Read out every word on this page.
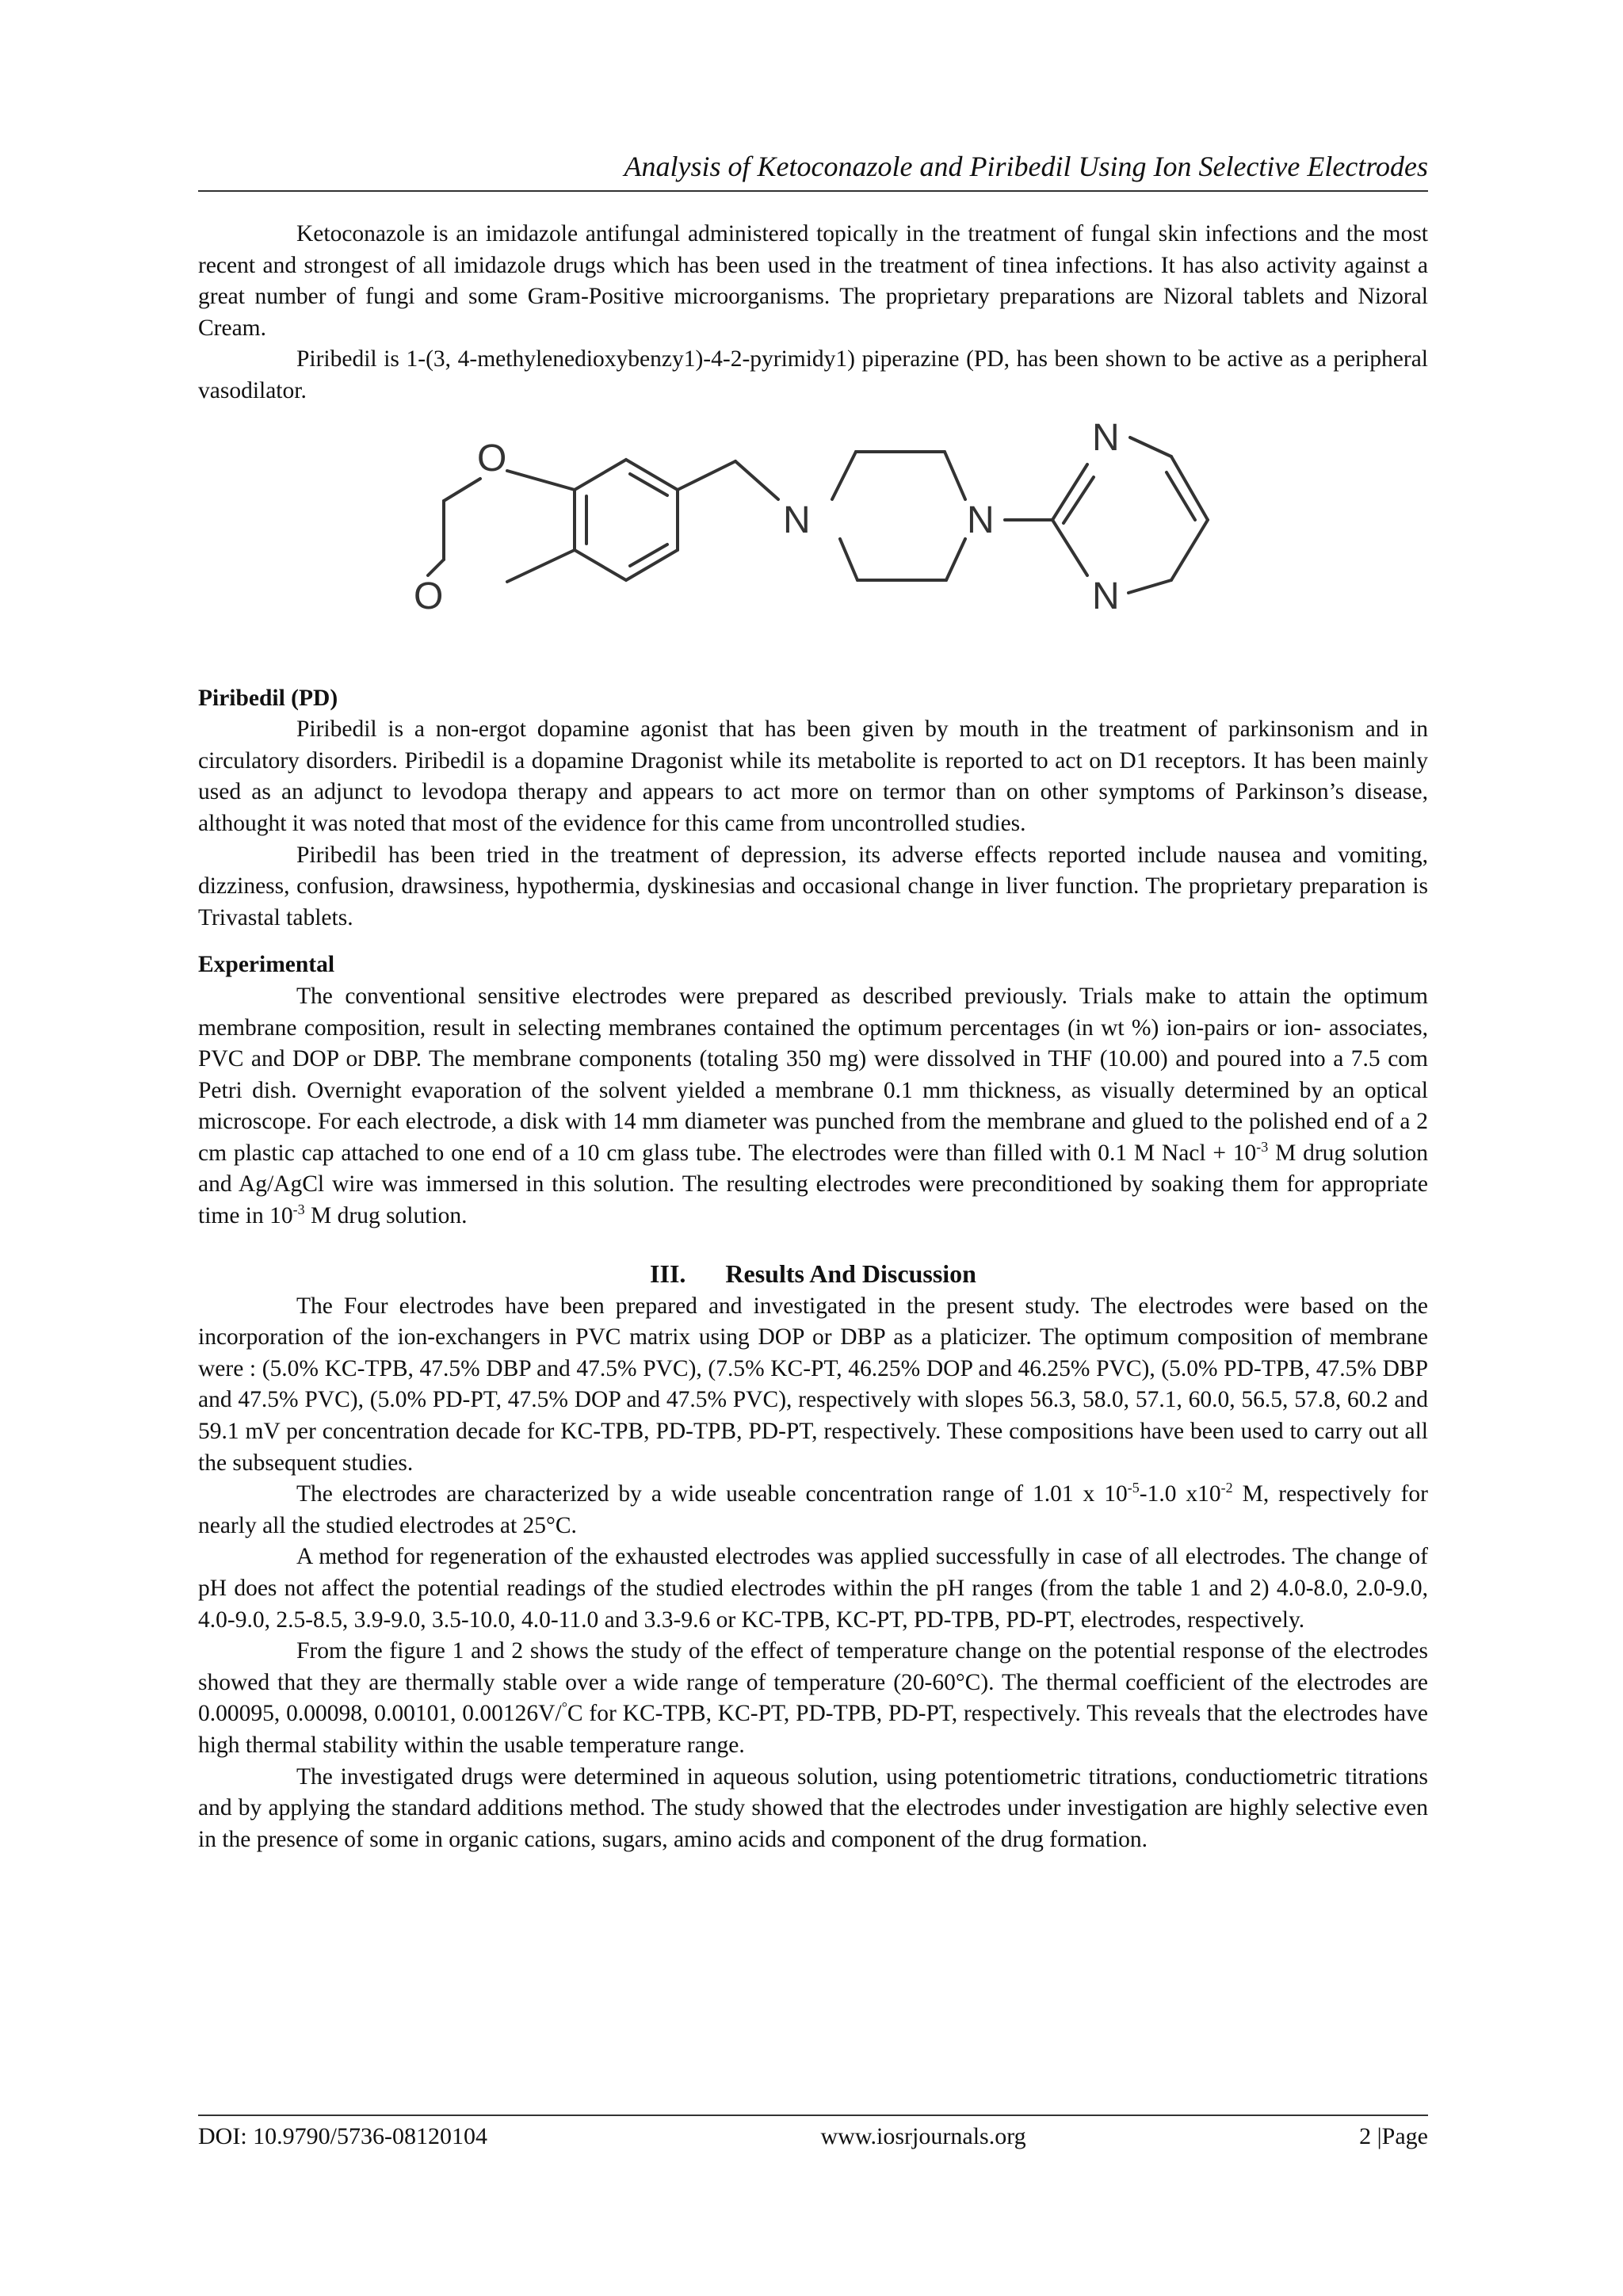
Analysis of Ketoconazole and Piribedil Using Ion Selective Electrodes

Ketoconazole is an imidazole antifungal administered topically in the treatment of fungal skin infections and the most recent and strongest of all imidazole drugs which has been used in the treatment of tinea infections. It has also activity against a great number of fungi and some Gram-Positive microorganisms. The proprietary preparations are Nizoral tablets and Nizoral Cream.

Piribedil is 1-(3, 4-methylenedioxybenzy1)-4-2-pyrimidy1) piperazine (PD, has been shown to be active as a peripheral vasodilator.

O
O
N	N
N
N

Piribedil (PD)

Piribedil is a non-ergot dopamine agonist that has been given by mouth in the treatment of parkinsonism and in circulatory disorders. Piribedil is a dopamine Dragonist while its metabolite is reported to act on D1 receptors. It has been mainly used as an adjunct to levodopa therapy and appears to act more on termor than on other symptoms of Parkinson’s disease, althought it was noted that most of the evidence for this came from uncontrolled studies.

Piribedil has been tried in the treatment of depression, its adverse effects reported include nausea and vomiting, dizziness, confusion, drawsiness, hypothermia, dyskinesias and occasional change in liver function. The proprietary preparation is Trivastal tablets.

Experimental

The conventional sensitive electrodes were prepared as described previously. Trials make to attain the optimum membrane composition, result in selecting membranes contained the optimum percentages (in wt %) ion-pairs or ion- associates, PVC and DOP or DBP. The membrane components (totaling 350 mg) were dissolved in THF (10.00) and poured into a 7.5 com Petri dish. Overnight evaporation of the solvent yielded a membrane 0.1 mm thickness, as visually determined by an optical microscope. For each electrode, a disk with 14 mm diameter was punched from the membrane and glued to the polished end of a 2 cm plastic cap attached to one end of a 10 cm glass tube. The electrodes were than filled with 0.1 M Nacl + $10^{-3}$ M drug solution and Ag/AgCl wire was immersed in this solution. The resulting electrodes were preconditioned by soaking them for appropriate time in $10^{-3}$ M drug solution.

III. Results And Discussion

The Four electrodes have been prepared and investigated in the present study. The electrodes were based on the incorporation of the ion-exchangers in PVC matrix using DOP or DBP as a platicizer. The optimum composition of membrane were : (5.0% KC-TPB, 47.5% DBP and 47.5% PVC), (7.5% KC-PT, 46.25% DOP and 46.25% PVC), (5.0% PD-TPB, 47.5% DBP and 47.5% PVC), (5.0% PD-PT, 47.5% DOP and 47.5% PVC), respectively with slopes 56.3, 58.0, 57.1, 60.0, 56.5, 57.8, 60.2 and 59.1 mV per concentration decade for KC-TPB, PD-TPB, PD-PT, respectively. These compositions have been used to carry out all the subsequent studies.

The electrodes are characterized by a wide useable concentration range of 1.01 x $10^{-5}-1.0$ $x10^{-2}$ M, respectively for nearly all the studied electrodes at 25°C.

A method for regeneration of the exhausted electrodes was applied successfully in case of all electrodes. The change of pH does not affect the potential readings of the studied electrodes within the pH ranges (from the table 1 and 2) 4.0-8.0, 2.0-9.0, 4.0-9.0, 2.5-8.5, 3.9-9.0, 3.5-10.0, 4.0-11.0 and 3.3-9.6 or KC-TPB, KC-PT, PD-TPB, PD-PT, electrodes, respectively.

From the figure 1 and 2 shows the study of the effect of temperature change on the potential response of the electrodes showed that they are thermally stable over a wide range of temperature (20-60°C). The thermal coefficient of the electrodes are 0.00095, 0.00098, 0.00101, 0.00126V/°C for KC-TPB, KC-PT, PD-TPB, PD-PT, respectively. This reveals that the electrodes have high thermal stability within the usable temperature range.

The investigated drugs were determined in aqueous solution, using potentiometric titrations, conductiometric titrations and by applying the standard additions method. The study showed that the electrodes under investigation are highly selective even in the presence of some in organic cations, sugars, amino acids and component of the drug formation.

DOI: 10.9790/5736-08120104	www.iosrjournals.org	2 |Page
